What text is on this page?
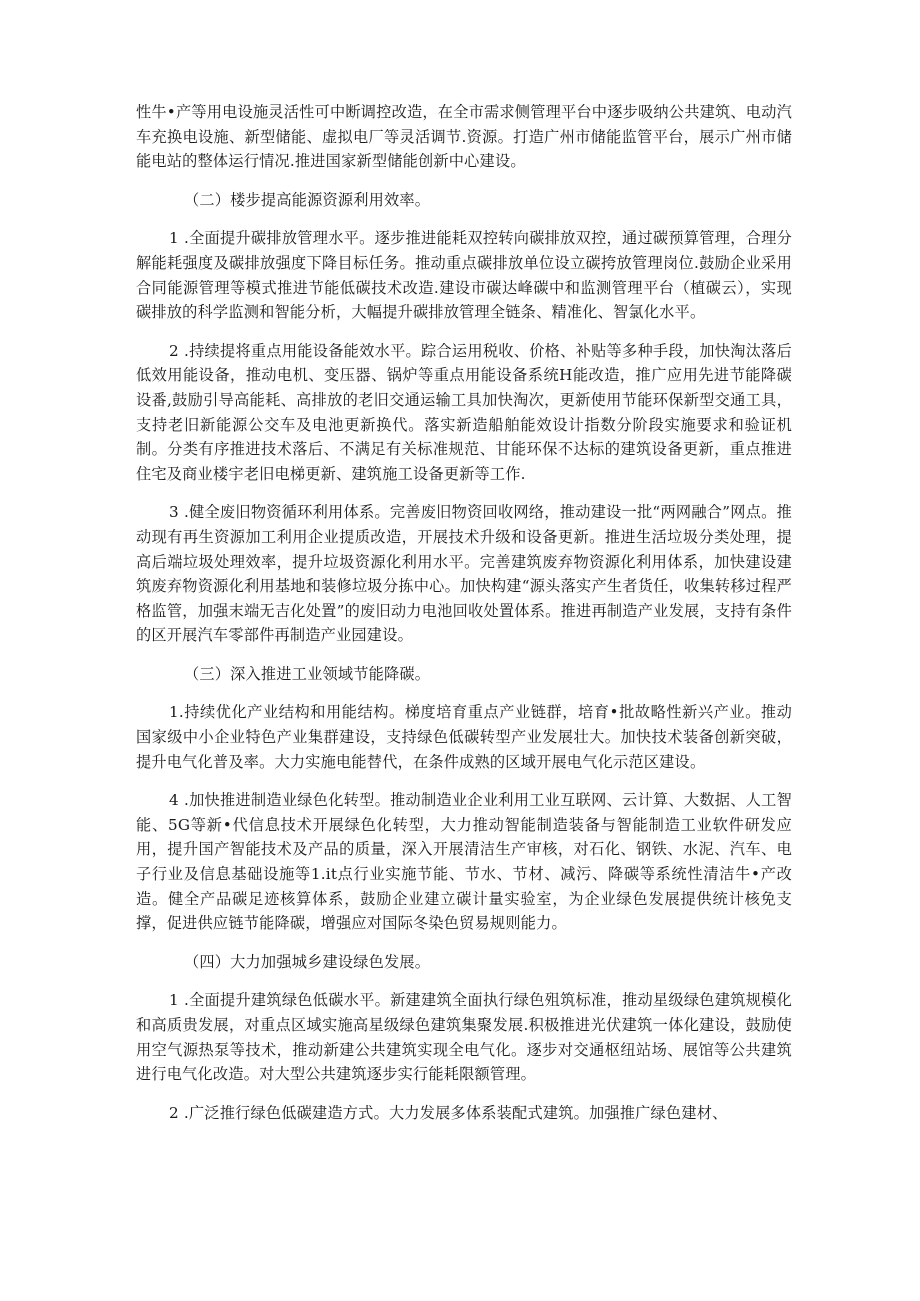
性牛•产等用电设施灵活性可中断调控改造，在全市需求侧管理平台中逐步吸纳公共建筑、电动汽车充换电设施、新型储能、虚拟电厂等灵活调节.资源。打造广州市储能监管平台，展示广州市储能电站的整体运行情况.推进国家新型储能创新中心建设。

（二）楼步提高能源资源利用效率。

1 .全面提升碳排放管理水平。逐步推进能耗双控转向碳排放双控，通过碳预算管理，合理分解能耗强度及碳排放强度下降目标任务。推动重点碳排放单位设立碳挎放管理岗位.鼓励企业采用合同能源管理等模式推进节能低碳技术改造.建设市碳达峰碳中和监测管理平台（植碳云），实现碳排放的科学监测和智能分析，大幅提升碳排放管理全链条、精准化、智氯化水平。

2 .持续提将重点用能设备能效水平。踪合运用税收、价格、补贴等多种手段，加快淘汰落后低效用能设备，推动电机、变压器、锅炉等重点用能设备系统H能改造，推广应用先进节能降碳设番,鼓励引导高能耗、高排放的老旧交通运输工具加快淘次，更新使用节能环保新型交通工具，支持老旧新能源公交车及电池更新换代。落实新造船舶能效设计指数分阶段实施要求和验证机制。分类有序推进技术落后、不满足有关标准规范、甘能环保不达标的建筑设备更新，重点推进住宅及商业楼宇老旧电梯更新、建筑施工设备更新等工作.

3 .健全废旧物资循环利用体系。完善废旧物资回收网络，推动建设一批“两网融合”网点。推动现有再生资源加工利用企业提质改造，开展技术升级和设备更新。推进生活垃圾分类处理，提高后端垃圾处理效率，提升垃圾资源化利用水平。完善建筑废弃物资源化利用体系，加快建设建筑废弃物资源化利用基地和装修垃圾分拣中心。加快构建“源头落实产生者货任，收集转移过程严格监管，加强末端无吉化处置”的废旧动力电池回收处置体系。推进再制造产业发展，支持有条件的区开展汽车零部件再制造产业园建设。

（三）深入推进工业领域节能降碳。

1.持续优化产业结构和用能结构。梯度培育重点产业链群，培育•批故略性新兴产业。推动国家级中小企业特色产业集群建设，支持绿色低碳转型产业发展壮大。加快技术装备创新突破，提升电气化普及率。大力实施电能替代，在条件成熟的区域开展电气化示范区建设。

4 .加快推进制造业绿色化转型。推动制造业企业利用工业互联网、云计算、大数据、人工智能、5G等新•代信息技术开展绿色化转型，大力推动智能制造装备与智能制造工业软件研发应用，提升国产智能技术及产品的质量，深入开展清洁生产审核，对石化、钢铁、水泥、汽车、电子行业及信息基础设施等1.it点行业实施节能、节水、节材、减污、降碳等系统性清洁牛•产改造。健全产品碳足迹核算体系，鼓励企业建立碳计量实验室，为企业绿色发展提供统计核免支撑，促进供应链节能降碳，增强应对国际冬染色贸易规则能力。

（四）大力加强城乡建设绿色发展。

1 .全面提升建筑绿色低碳水平。新建建筑全面执行绿色殂筑标准，推动星级绿色建筑规模化和高质贵发展，对重点区域实施高星级绿色建筑集聚发展.积极推进光伏建筑一体化建设，鼓励使用空气源热泵等技术，推动新建公共建筑实现全电气化。逐步对交通枢纽站场、展馆等公共建筑进行电气化改造。对大型公共建筑逐步实行能耗限额管理。

2 .广泛推行绿色低碳建造方式。大力发展多体系装配式建筑。加强推广绿色建材、
